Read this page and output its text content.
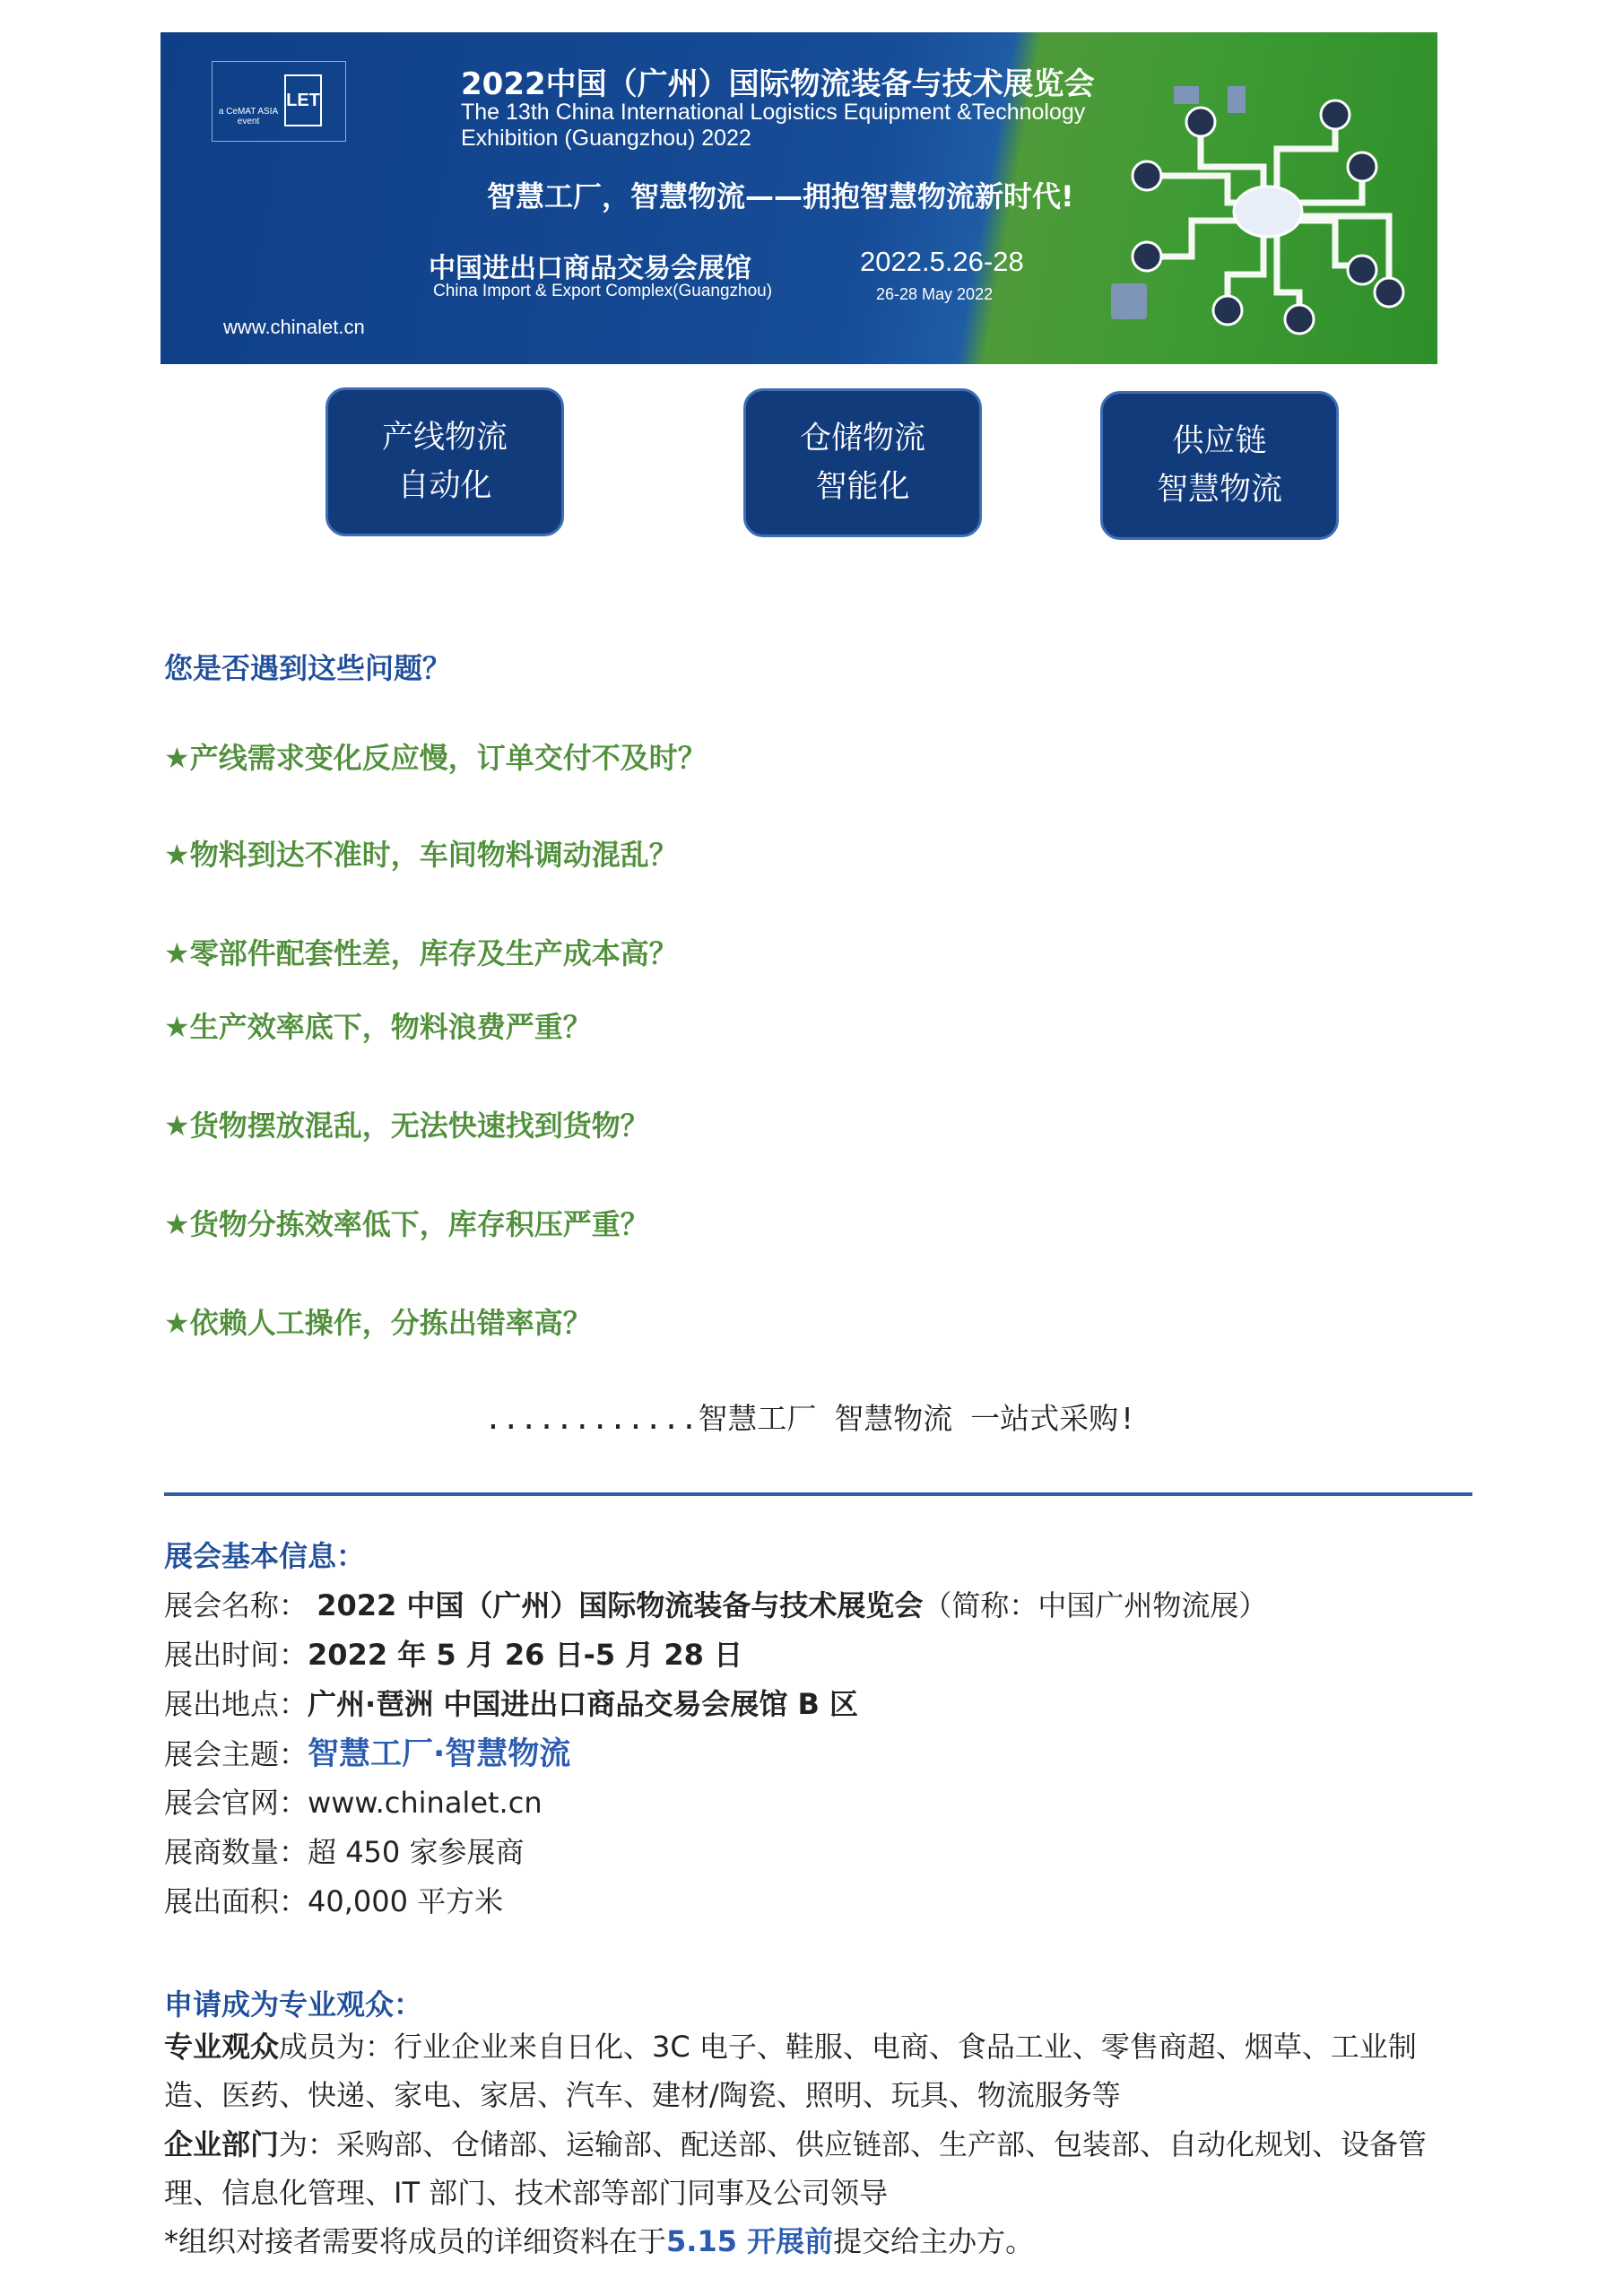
LET
a CeMAT ASIA event
2022中国（广州）国际物流装备与技术展览会
The 13th China International Logistics Equipment &Technology Exhibition (Guangzhou) 2022
智慧工厂，智慧物流——拥抱智慧物流新时代!
中国进出口商品交易会展馆
China Import & Export Complex(Guangzhou)
2022.5.26-28
26-28 May 2022
www.chinalet.cn
产线物流
自动化
仓储物流
智能化
供应链
智慧物流
您是否遇到这些问题？
★产线需求变化反应慢，订单交付不及时？
★物料到达不准时，车间物料调动混乱？
★零部件配套性差，库存及生产成本高？
★生产效率底下，物料浪费严重？
★货物摆放混乱，无法快速找到货物？
★货物分拣效率低下，库存积压严重？
★依赖人工操作，分拣出错率高？
............智慧工厂 智慧物流 一站式采购!
展会基本信息：
展会名称： 2022 中国（广州）国际物流装备与技术展览会（简称：中国广州物流展）
展出时间：2022 年 5 月 26 日-5 月 28 日
展出地点：广州·琶洲 中国进出口商品交易会展馆 B 区
展会主题：智慧工厂·智慧物流
展会官网：www.chinalet.cn
展商数量：超 450 家参展商
展出面积：40,000 平方米
申请成为专业观众：
专业观众成员为：行业企业来自日化、3C 电子、鞋服、电商、食品工业、零售商超、烟草、工业制造、医药、快递、家电、家居、汽车、建材/陶瓷、照明、玩具、物流服务等
企业部门为：采购部、仓储部、运输部、配送部、供应链部、生产部、包装部、自动化规划、设备管理、信息化管理、IT 部门、技术部等部门同事及公司领导
*组织对接者需要将成员的详细资料在于5.15 开展前提交给主办方。
